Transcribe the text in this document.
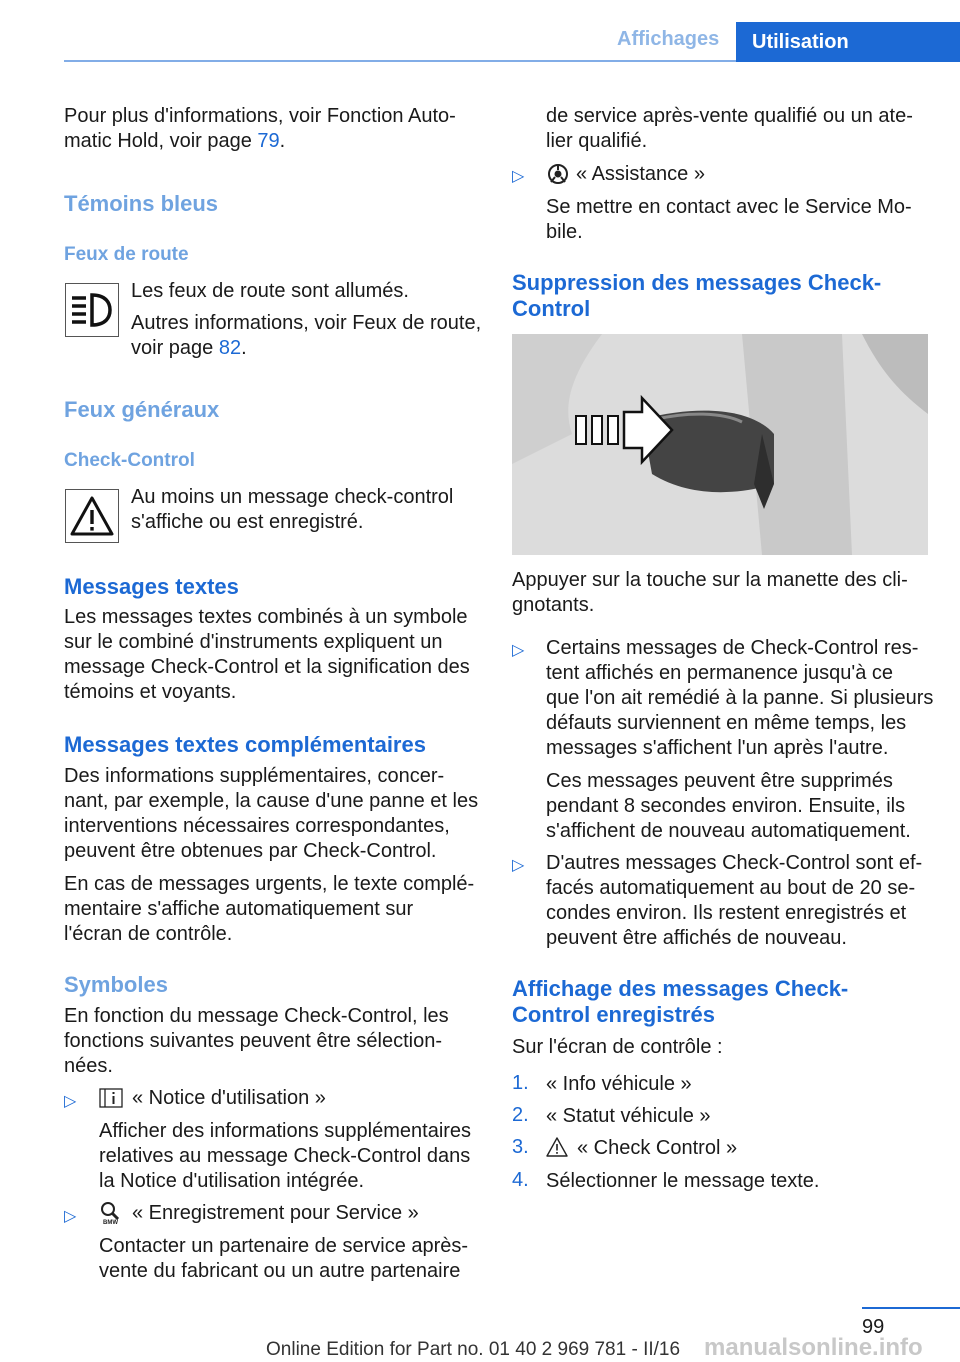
Affichages	Utilisation

Pour plus d'informations, voir Fonction Auto-

matic Hold, voir page 79.

Témoins bleus
Feux de route

Les feux de route sont allumés.

Autres informations, voir Feux de route,

voir page 82.

Feux généraux
Check-Control

Au moins un message check-control

s'affiche ou est enregistré.

Messages textes

Les messages textes combinés à un symbole

sur le combiné d'instruments expliquent un

message Check-Control et la signification des

témoins et voyants.

Messages textes complémentaires

Des informations supplémentaires, concer-

nant, par exemple, la cause d'une panne et les

interventions nécessaires correspondantes,

peuvent être obtenues par Check-Control.

En cas de messages urgents, le texte complé-

mentaire s'affiche automatiquement sur

l'écran de contrôle.

Symboles

En fonction du message Check-Control, les

fonctions suivantes peuvent être sélection-

nées.

▷	« Notice d'utilisation »

Afficher des informations supplémentaires

relatives au message Check-Control dans

la Notice d'utilisation intégrée.

▷	BMW « Enregistrement pour Service »

Contacter un partenaire de service après-

vente du fabricant ou un autre partenaire

de service après-vente qualifié ou un ate-

lier qualifié.

▷	« Assistance »

Se mettre en contact avec le Service Mo-

bile.

Suppression des messages Check-
Control

Appuyer sur la touche sur la manette des cli-

gnotants.

▷ Certains messages de Check-Control res-

tent affichés en permanence jusqu'à ce

que l'on ait remédié à la panne. Si plusieurs

défauts surviennent en même temps, les

messages s'affichent l'un après l'autre.

Ces messages peuvent être supprimés

pendant 8 secondes environ. Ensuite, ils

s'affichent de nouveau automatiquement.

▷ D'autres messages Check-Control sont ef-

facés automatiquement au bout de 20 se-

condes environ. Ils restent enregistrés et

peuvent être affichés de nouveau.

Affichage des messages Check-
Control enregistrés
Sur l'écran de contrôle :
1. « Info véhicule »
2. « Statut véhicule »
3. « Check Control »
4. Sélectionner le message texte.
99
Online Edition for Part no. 01 40 2 969 781 - II/16 manualsonline.info
